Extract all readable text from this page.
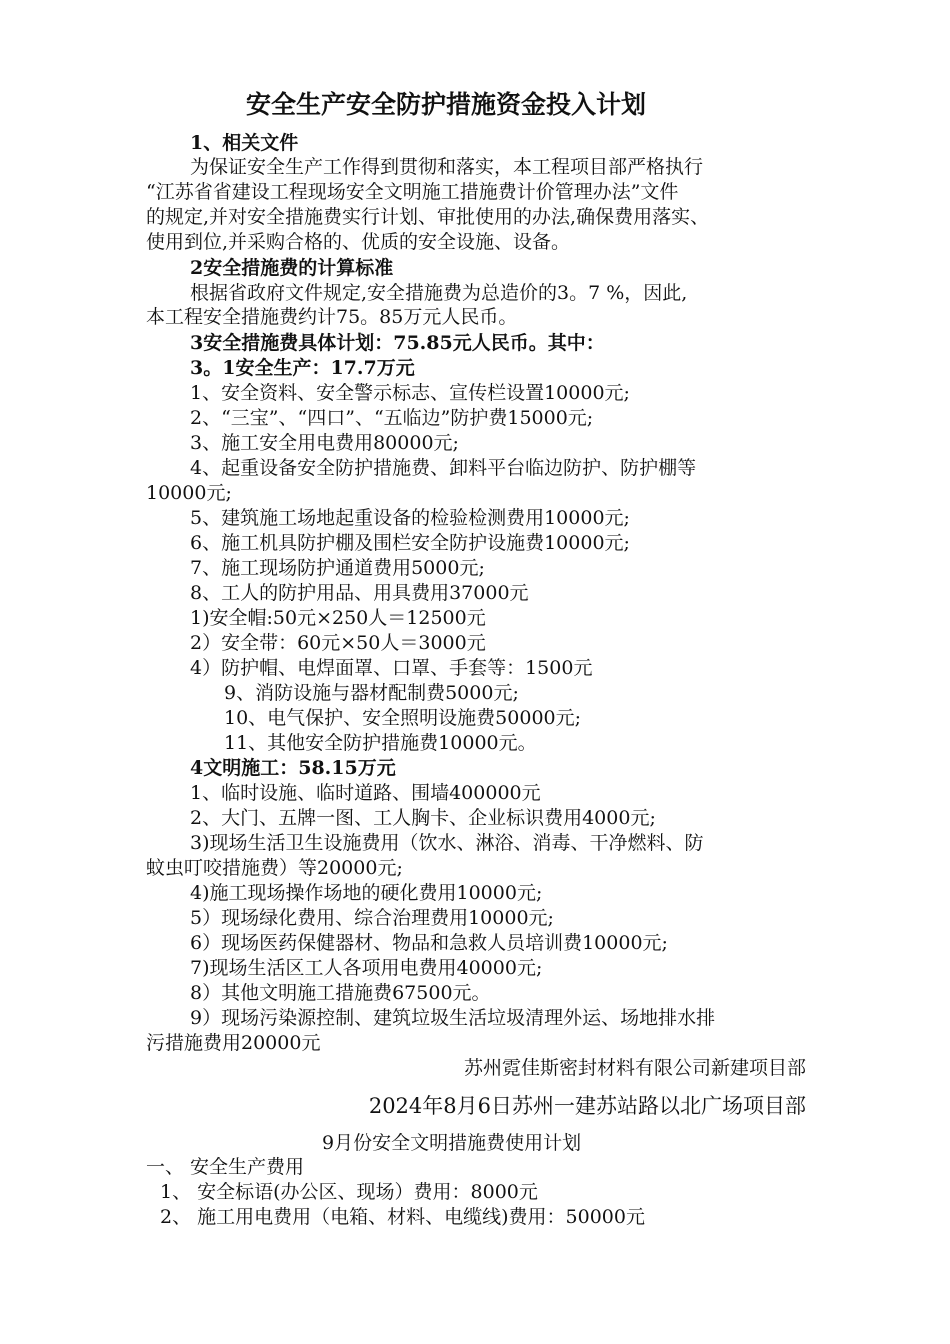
安全生产安全防护措施资金投入计划
1、相关文件
为保证安全生产工作得到贯彻和落实，本工程项目部严格执行
“江苏省省建设工程现场安全文明施工措施费计价管理办法”文件
的规定,并对安全措施费实行计划、审批使用的办法,确保费用落实、
使用到位,并采购合格的、优质的安全设施、设备。
2安全措施费的计算标准
根据省政府文件规定,安全措施费为总造价的3。7 %，因此,
本工程安全措施费约计75。85万元人民币。
3安全措施费具体计划：75.85元人民币。其中：
3。1安全生产：17.7万元
1、安全资料、安全警示标志、宣传栏设置10000元;
2、“三宝”、“四口”、“五临边”防护费15000元;
3、施工安全用电费用80000元;
4、起重设备安全防护措施费、卸料平台临边防护、防护棚等
10000元;
5、建筑施工场地起重设备的检验检测费用10000元;
6、施工机具防护棚及围栏安全防护设施费10000元;
7、施工现场防护通道费用5000元;
8、工人的防护用品、用具费用37000元
1)安全帽:50元×250人＝12500元
2）安全带：60元×50人＝3000元
4）防护帽、电焊面罩、口罩、手套等：1500元
9、消防设施与器材配制费5000元;
10、电气保护、安全照明设施费50000元;
11、其他安全防护措施费10000元。
4文明施工：58.15万元
1、临时设施、临时道路、围墙400000元
2、大门、五牌一图、工人胸卡、企业标识费用4000元;
3)现场生活卫生设施费用（饮水、淋浴、消毒、干净燃料、防
蚊虫叮咬措施费）等20000元;
4)施工现场操作场地的硬化费用10000元;
5）现场绿化费用、综合治理费用10000元;
6）现场医药保健器材、物品和急救人员培训费10000元;
7)现场生活区工人各项用电费用40000元;
8）其他文明施工措施费67500元。
9）现场污染源控制、建筑垃圾生活垃圾清理外运、场地排水排
污措施费用20000元
苏州霓佳斯密封材料有限公司新建项目部
2024年8月6日苏州一建苏站路以北广场项目部
9月份安全文明措施费使用计划
一、 安全生产费用
1、 安全标语(办公区、现场）费用：8000元
2、 施工用电费用（电箱、材料、电缆线)费用：50000元
